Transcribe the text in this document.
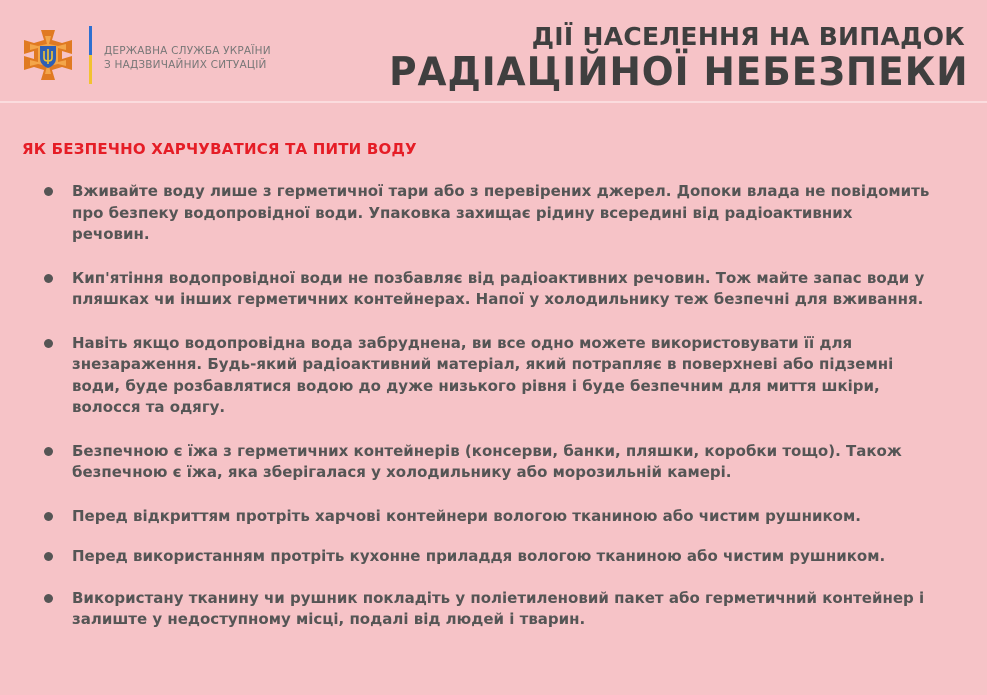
ДЕРЖАВНА СЛУЖБА УКРАЇНИ
З НАДЗВИЧАЙНИХ СИТУАЦІЙ
ДІЇ НАСЕЛЕННЯ НА ВИПАДОК
РАДІАЦІЙНОЇ НЕБЕЗПЕКИ
ЯК БЕЗПЕЧНО ХАРЧУВАТИСЯ ТА ПИТИ ВОДУ
Вживайте воду лише з герметичної тари або з перевірених джерел. Допоки влада не повідомить про безпеку водопровідної води. Упаковка захищає рідину всередині від радіоактивних речовин.
Кип'ятіння водопровідної води не позбавляє від радіоактивних речовин. Тож майте запас води у пляшках чи інших герметичних контейнерах. Напої у холодильнику теж безпечні для вживання.
Навіть якщо водопровідна вода забруднена, ви все одно можете використовувати її для знезараження. Будь-який радіоактивний матеріал, який потрапляє в поверхневі або підземні води, буде розбавлятися водою до дуже низького рівня і буде безпечним для миття шкіри, волосся та одягу.
Безпечною є їжа з герметичних контейнерів (консерви, банки, пляшки, коробки тощо). Також безпечною є їжа, яка зберігалася у холодильнику або морозильній камері.
Перед відкриттям протріть харчові контейнери вологою тканиною або чистим рушником.
Перед використанням протріть кухонне приладдя вологою тканиною або чистим рушником.
Використану тканину чи рушник покладіть у поліетиленовий пакет або герметичний контейнер і залиште у недоступному місці, подалі від людей і тварин.
